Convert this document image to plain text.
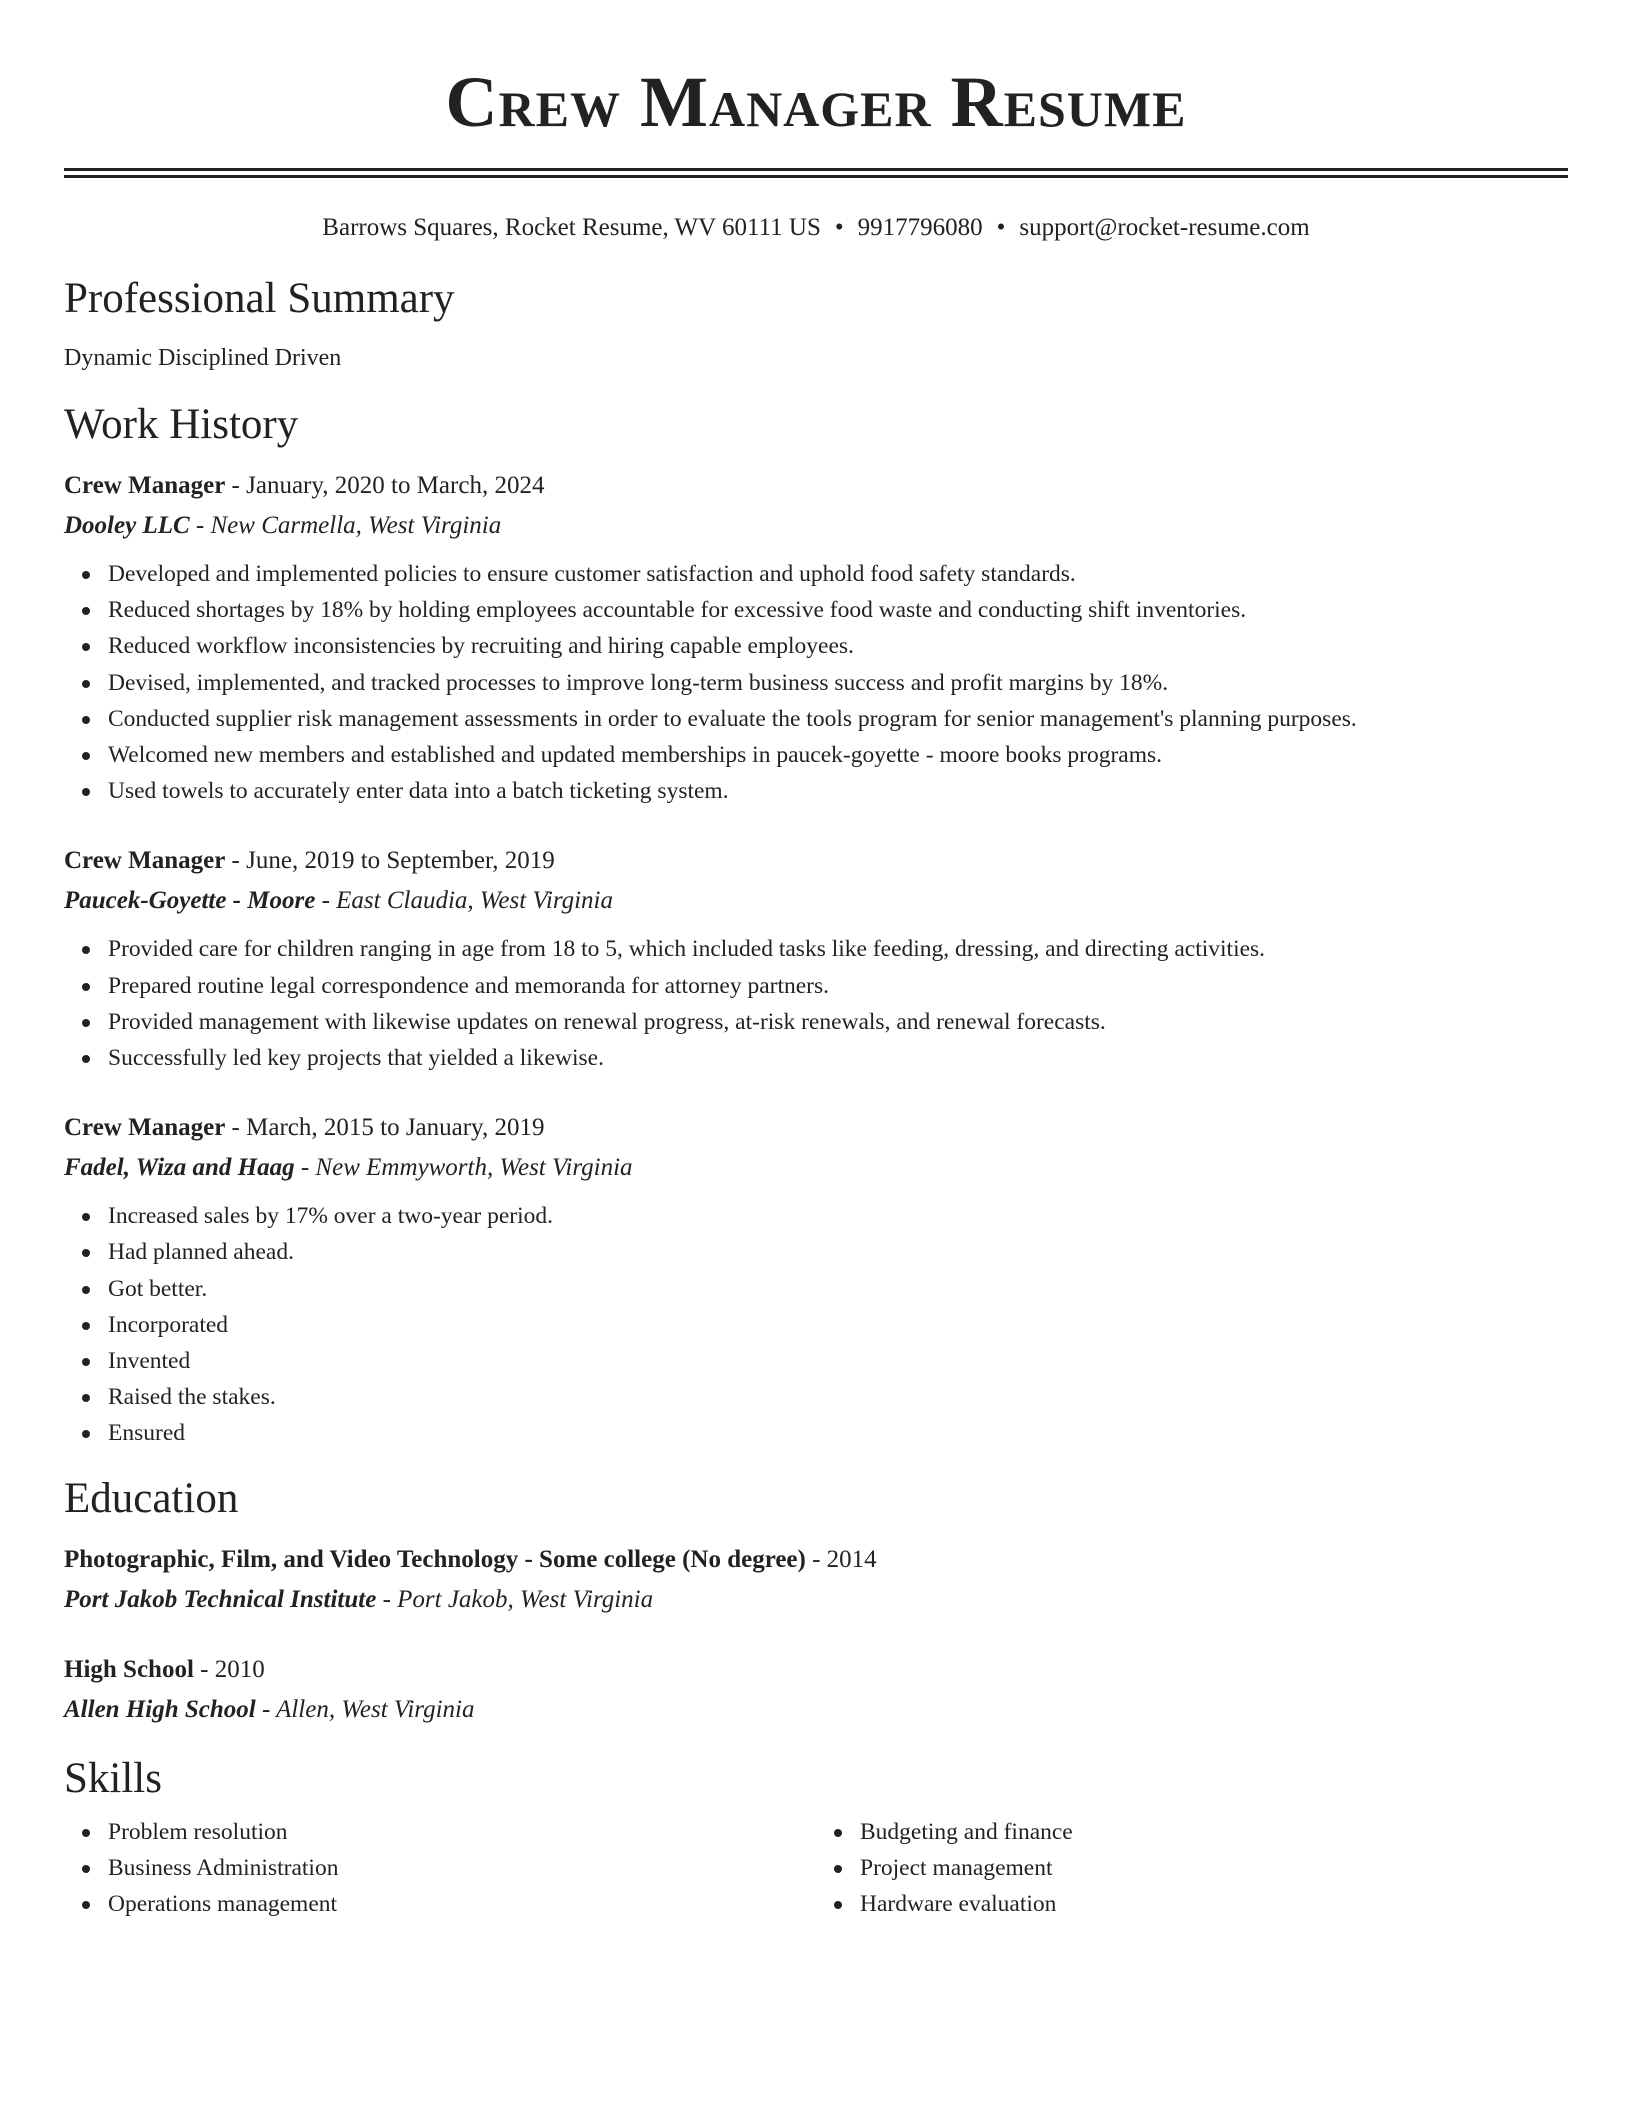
Crew Manager Resume
Barrows Squares, Rocket Resume, WV 60111 US • 9917796080 • support@rocket-resume.com
Professional Summary
Dynamic Disciplined Driven
Work History
Crew Manager - January, 2020 to March, 2024
Dooley LLC - New Carmella, West Virginia
Developed and implemented policies to ensure customer satisfaction and uphold food safety standards.
Reduced shortages by 18% by holding employees accountable for excessive food waste and conducting shift inventories.
Reduced workflow inconsistencies by recruiting and hiring capable employees.
Devised, implemented, and tracked processes to improve long-term business success and profit margins by 18%.
Conducted supplier risk management assessments in order to evaluate the tools program for senior management's planning purposes.
Welcomed new members and established and updated memberships in paucek-goyette - moore books programs.
Used towels to accurately enter data into a batch ticketing system.
Crew Manager - June, 2019 to September, 2019
Paucek-Goyette - Moore - East Claudia, West Virginia
Provided care for children ranging in age from 18 to 5, which included tasks like feeding, dressing, and directing activities.
Prepared routine legal correspondence and memoranda for attorney partners.
Provided management with likewise updates on renewal progress, at-risk renewals, and renewal forecasts.
Successfully led key projects that yielded a likewise.
Crew Manager - March, 2015 to January, 2019
Fadel, Wiza and Haag - New Emmyworth, West Virginia
Increased sales by 17% over a two-year period.
Had planned ahead.
Got better.
Incorporated
Invented
Raised the stakes.
Ensured
Education
Photographic, Film, and Video Technology - Some college (No degree) - 2014
Port Jakob Technical Institute - Port Jakob, West Virginia
High School - 2010
Allen High School - Allen, West Virginia
Skills
Problem resolution
Business Administration
Operations management
Budgeting and finance
Project management
Hardware evaluation
